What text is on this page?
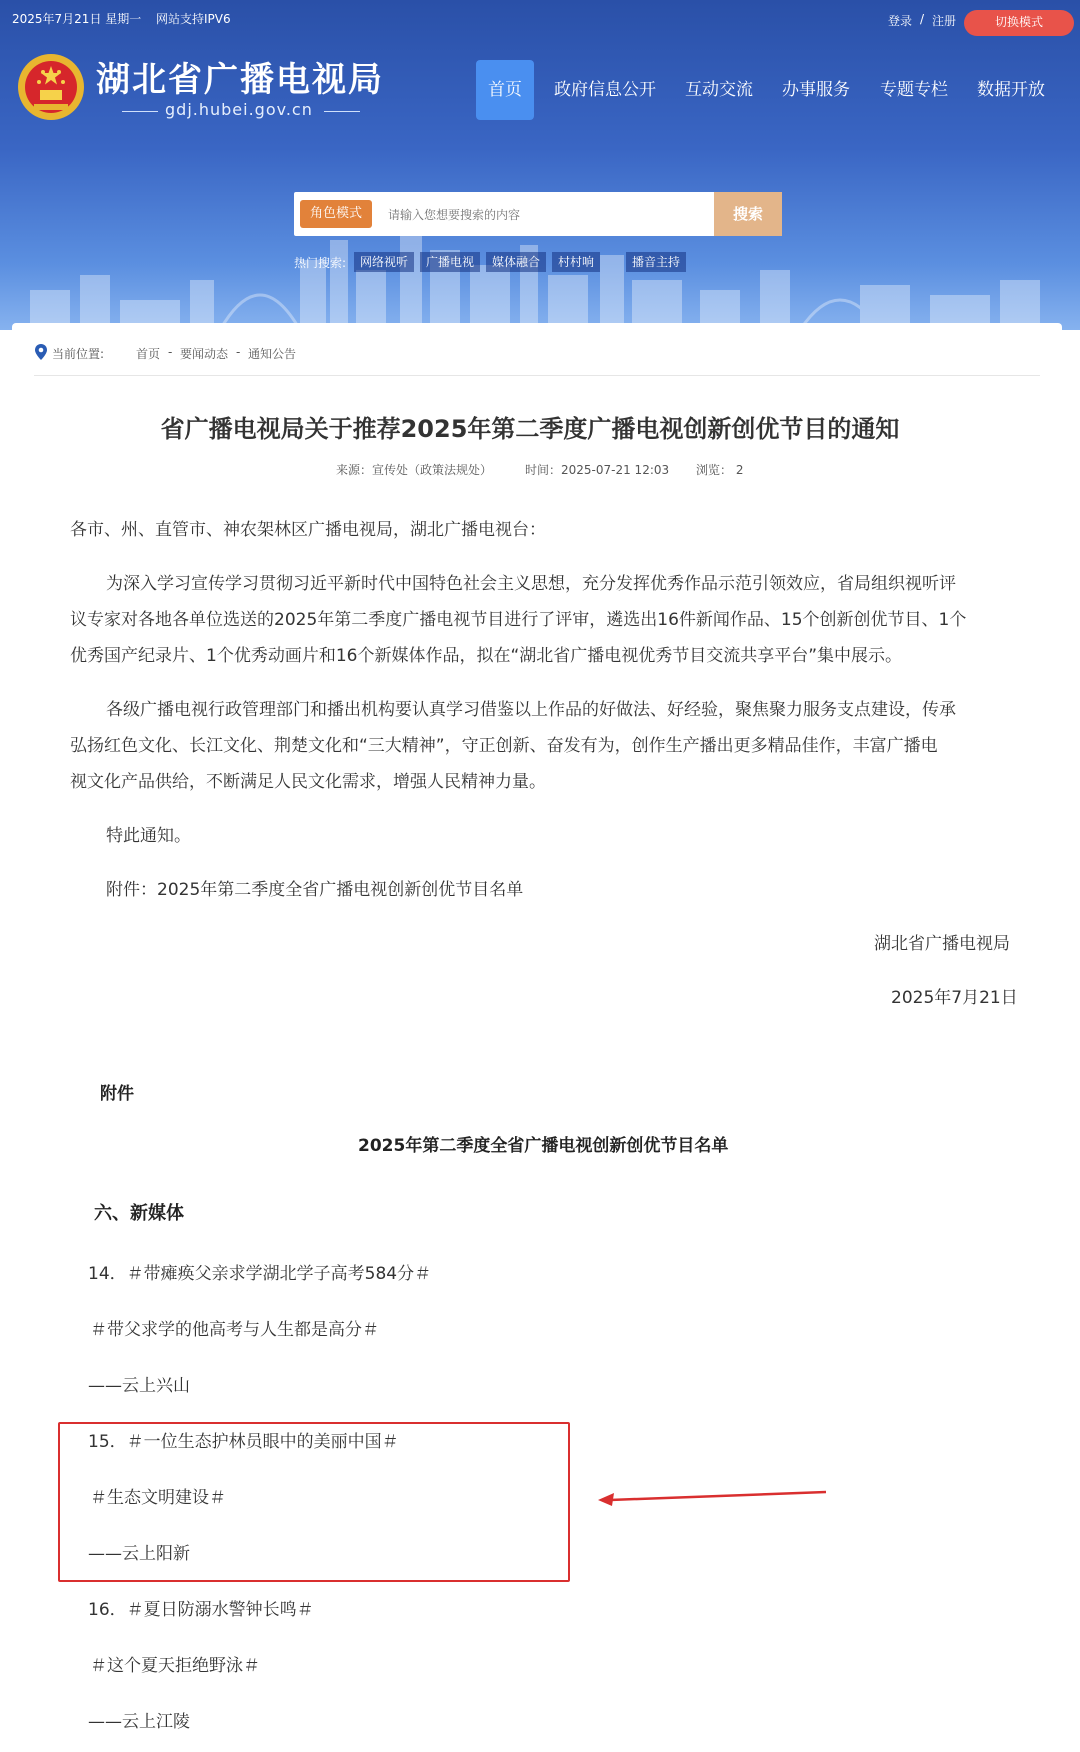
2025年7月21日 星期一 网站支持IPV6	登录 / 注册	切换模式
湖北省广播电视局
gdj.hubei.gov.cn
首页	政府信息公开 互动交流 办事服务 专题专栏 数据开放
角色模式
请输入您想要搜索的内容	搜索
热门搜索:	网络视听	广播电视	媒体融合	村村响	播音主持
当前位置:	首页 - 要闻动态 - 通知公告
省广播电视局关于推荐2025年第二季度广播电视创新创优节目的通知
来源：宣传处（政策法规处）	时间：2025-07-21 12:03 浏览： 2
各市、州、直管市、神农架林区广播电视局，湖北广播电视台：
为深入学习宣传学习贯彻习近平新时代中国特色社会主义思想，充分发挥优秀作品示范引领效应，省局组织视听评
议专家对各地各单位选送的2025年第二季度广播电视节目进行了评审，遴选出16件新闻作品、15个创新创优节目、1个
优秀国产纪录片、1个优秀动画片和16个新媒体作品，拟在“湖北省广播电视优秀节目交流共享平台”集中展示。
各级广播电视行政管理部门和播出机构要认真学习借鉴以上作品的好做法、好经验，聚焦聚力服务支点建设，传承
弘扬红色文化、长江文化、荆楚文化和“三大精神”，守正创新、奋发有为，创作生产播出更多精品佳作，丰富广播电
视文化产品供给，不断满足人民文化需求，增强人民精神力量。
特此通知。
附件：2025年第二季度全省广播电视创新创优节目名单
湖北省广播电视局
2025年7月21日
附件
2025年第二季度全省广播电视创新创优节目名单
六、新媒体
14．＃带瘫痪父亲求学湖北学子高考584分＃
＃带父求学的他高考与人生都是高分＃
——云上兴山
15．＃一位生态护林员眼中的美丽中国＃
＃生态文明建设＃
——云上阳新
16．＃夏日防溺水警钟长鸣＃
＃这个夏天拒绝野泳＃
——云上江陵
